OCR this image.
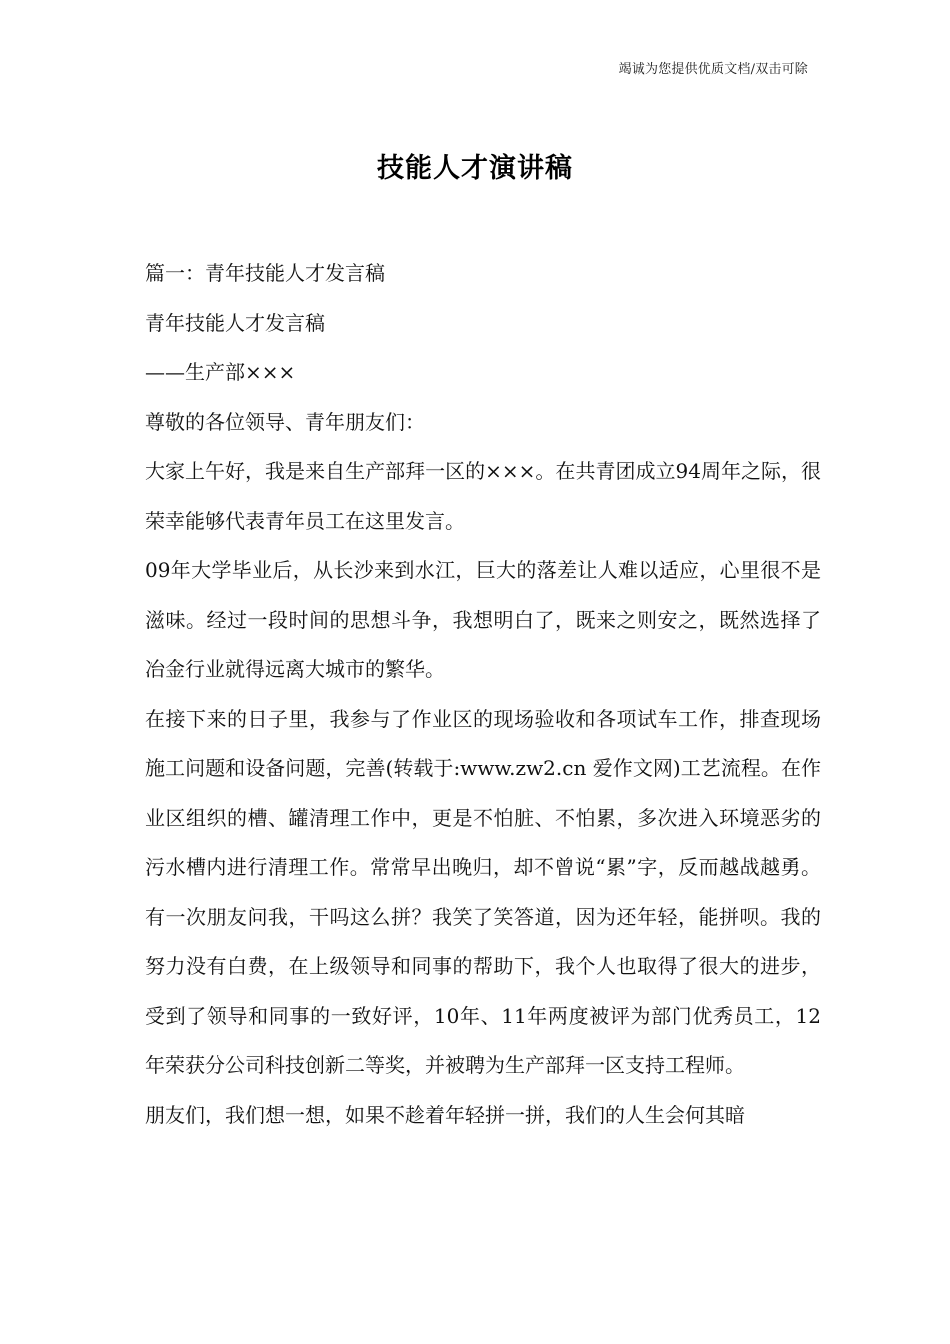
竭诚为您提供优质文档/双击可除
技能人才演讲稿

篇一：青年技能人才发言稿

青年技能人才发言稿

——生产部×××

尊敬的各位领导、青年朋友们：

大家上午好，我是来自生产部拜一区的×××。在共青团成立94周年之际，很荣幸能够代表青年员工在这里发言。

09年大学毕业后，从长沙来到水江，巨大的落差让人难以适应，心里很不是滋味。经过一段时间的思想斗争，我想明白了，既来之则安之，既然选择了冶金行业就得远离大城市的繁华。

在接下来的日子里，我参与了作业区的现场验收和各项试车工作，排查现场施工问题和设备问题，完善(转载于:www.zw2.cn 爱作文网)工艺流程。在作业区组织的槽、罐清理工作中，更是不怕脏、不怕累，多次进入环境恶劣的污水槽内进行清理工作。常常早出晚归，却不曾说“累”字，反而越战越勇。有一次朋友问我，干吗这么拼？我笑了笑答道，因为还年轻，能拼呗。我的努力没有白费，在上级领导和同事的帮助下，我个人也取得了很大的进步，受到了领导和同事的一致好评，10年、11年两度被评为部门优秀员工，12年荣获分公司科技创新二等奖，并被聘为生产部拜一区支持工程师。

朋友们，我们想一想，如果不趁着年轻拼一拼，我们的人生会何其暗
